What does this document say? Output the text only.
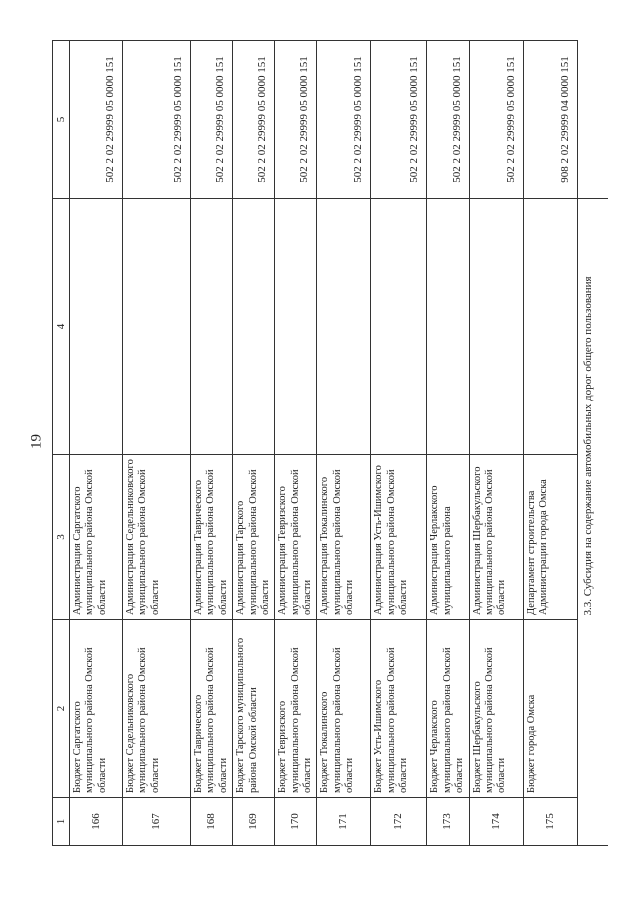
19
1	2	3	4	5
166	Бюджет Саргатского муниципального района Омской области	Администрация Саргатского муниципального района Омской области		502 2 02 29999 05 0000 151
167	Бюджет Седельниковского муниципального района Омской области	Администрация Седельниковского муниципального района Омской области		502 2 02 29999 05 0000 151
168	Бюджет Таврического муниципального района Омской области	Администрация Таврического муниципального района Омской области		502 2 02 29999 05 0000 151
169	Бюджет Тарского муниципального района Омской области	Администрация Тарского муниципального района Омской области		502 2 02 29999 05 0000 151
170	Бюджет Тевризского муниципального района Омской области	Администрация Тевризского муниципального района Омской области		502 2 02 29999 05 0000 151
171	Бюджет Тюкалинского муниципального района Омской области	Администрация Тюкалинского муниципального района Омской области		502 2 02 29999 05 0000 151
172	Бюджет Усть-Ишимского муниципального района Омской области	Администрация Усть-Ишимского муниципального района Омской области		502 2 02 29999 05 0000 151
173	Бюджет Черлакского муниципального района Омской области	Администрация Черлакского муниципального района		502 2 02 29999 05 0000 151
174	Бюджет Шербакульского муниципального района Омской области	Администрация Шербакульского муниципального района Омской области		502 2 02 29999 05 0000 151
175	Бюджет города Омска	Департамент строительства Администрации города Омска		908 2 02 29999 04 0000 151
		3.3. Субсидия на содержание автомобильных дорог общего пользования		
